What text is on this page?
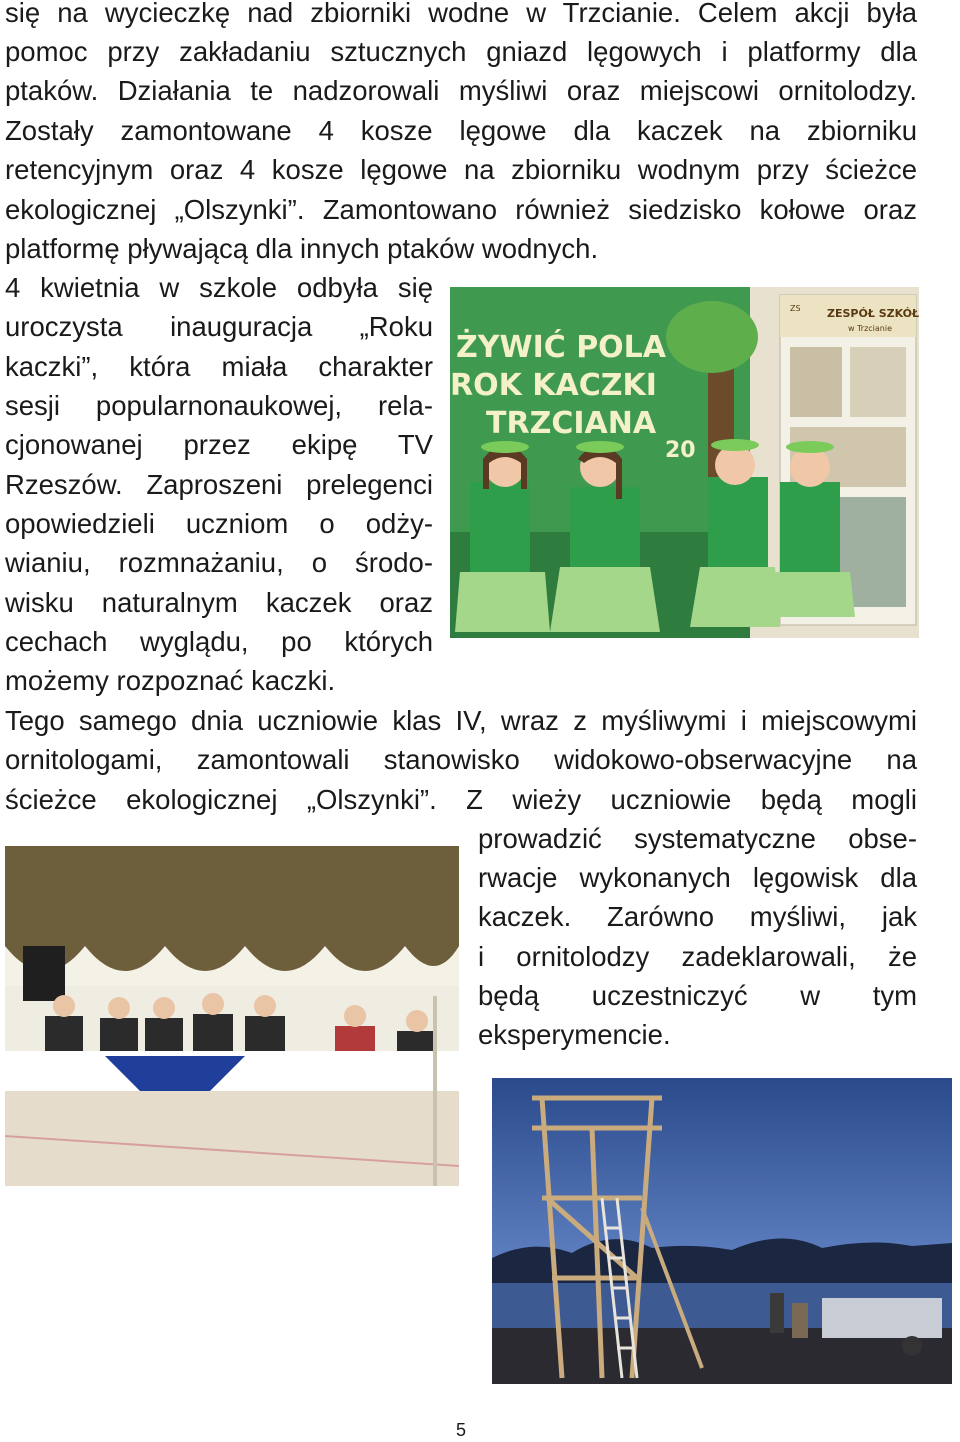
się na wycieczkę nad zbiorniki wodne w Trzcianie. Celem akcji była
pomoc przy zakładaniu sztucznych gniazd lęgowych i platformy dla
ptaków. Działania te nadzorowali myśliwi oraz miejscowi ornitolodzy.
Zostały zamontowane 4 kosze lęgowe dla kaczek na zbiorniku
retencyjnym oraz 4 kosze lęgowe na zbiorniku wodnym przy ścieżce
ekologicznej „Olszynki”. Zamontowano również siedzisko kołowe oraz
platformę pływającą dla innych ptaków wodnych.
4 kwietnia w szkole odbyła się
uroczysta inauguracja „Roku
kaczki”, która miała charakter
sesji popularnonaukowej, rela-
cjonowanej przez ekipę TV
Rzeszów. Zaproszeni prelegenci
opowiedzieli uczniom o odży-
wianiu, rozmnażaniu, o środo-
wisku naturalnym kaczek oraz
cechach wyglądu, po których
możemy rozpoznać kaczki.
Tego samego dnia uczniowie klas IV, wraz z myśliwymi i miejscowymi
ornitologami, zamontowali stanowisko widokowo-obserwacyjne na
ścieżce ekologicznej „Olszynki”. Z wieży uczniowie będą mogli
prowadzić systematyczne obse-
rwacje wykonanych lęgowisk dla
kaczek. Zarówno myśliwi, jak
i ornitolodzy zadeklarowali, że
będą uczestniczyć w tym
eksperymencie.
ŻYWIĆ POLA
ROK KACZKI
TRZCIANA
20
ZESPÓŁ SZKÓŁ
w Trzcianie
ZS
5
